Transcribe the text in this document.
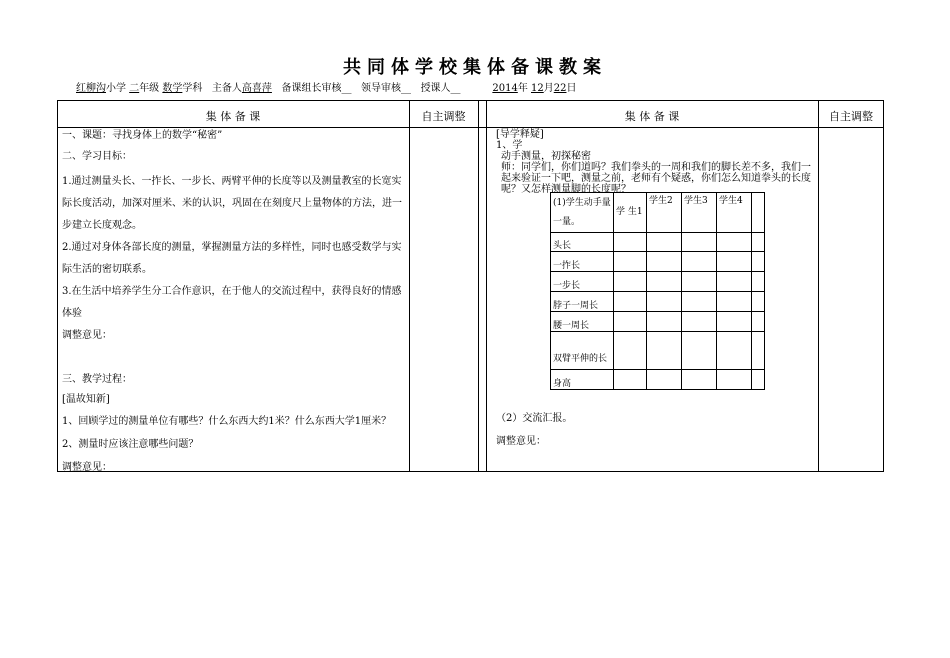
共同体学校集体备课教案
红柳沟小学 二年级 数学学科 主备人高喜萍 备课组长审核__ 领导审核__ 授课人__	2014年 12月22日
集 体 备 课	自主调整	集 体 备 课	自主调整

一、课题：寻找身体上的数学“秘密”

二、学习目标：

1.通过测量头长、一拃长、一步长、两臂平伸的长度等以及测量教室的长宽实际长度活动，加深对厘米、米的认识，巩固在在刻度尺上量物体的方法，进一步建立长度观念。

2.通过对身体各部长度的测量，掌握测量方法的多样性，同时也感受数学与实际生活的密切联系。

3.在生活中培养学生分工合作意识，在于他人的交流过程中，获得良好的情感体验

调整意见：

三、教学过程：

[温故知新]

1、回顾学过的测量单位有哪些？什么东西大约1米？什么东西大学1厘米？

2、测量时应该注意哪些问题？

调整意见：

[导学释疑]

1、学

动手测量，初探秘密

师：同学们，你们道吗？我们拳头的一周和我们的脚长差不多，我们一起来验证一下吧，测量之前，老师有个疑惑，你们怎么知道拳头的长度呢？又怎样测量脚的长度呢？

(1)学生动手量一量。	学 生1	学生2	学生3	学生4	
头长					
一拃长					
一步长					
脖子一周长					
腰一周长					
双臂平伸的长					
身高					
（2）交流汇报。
调整意见：
